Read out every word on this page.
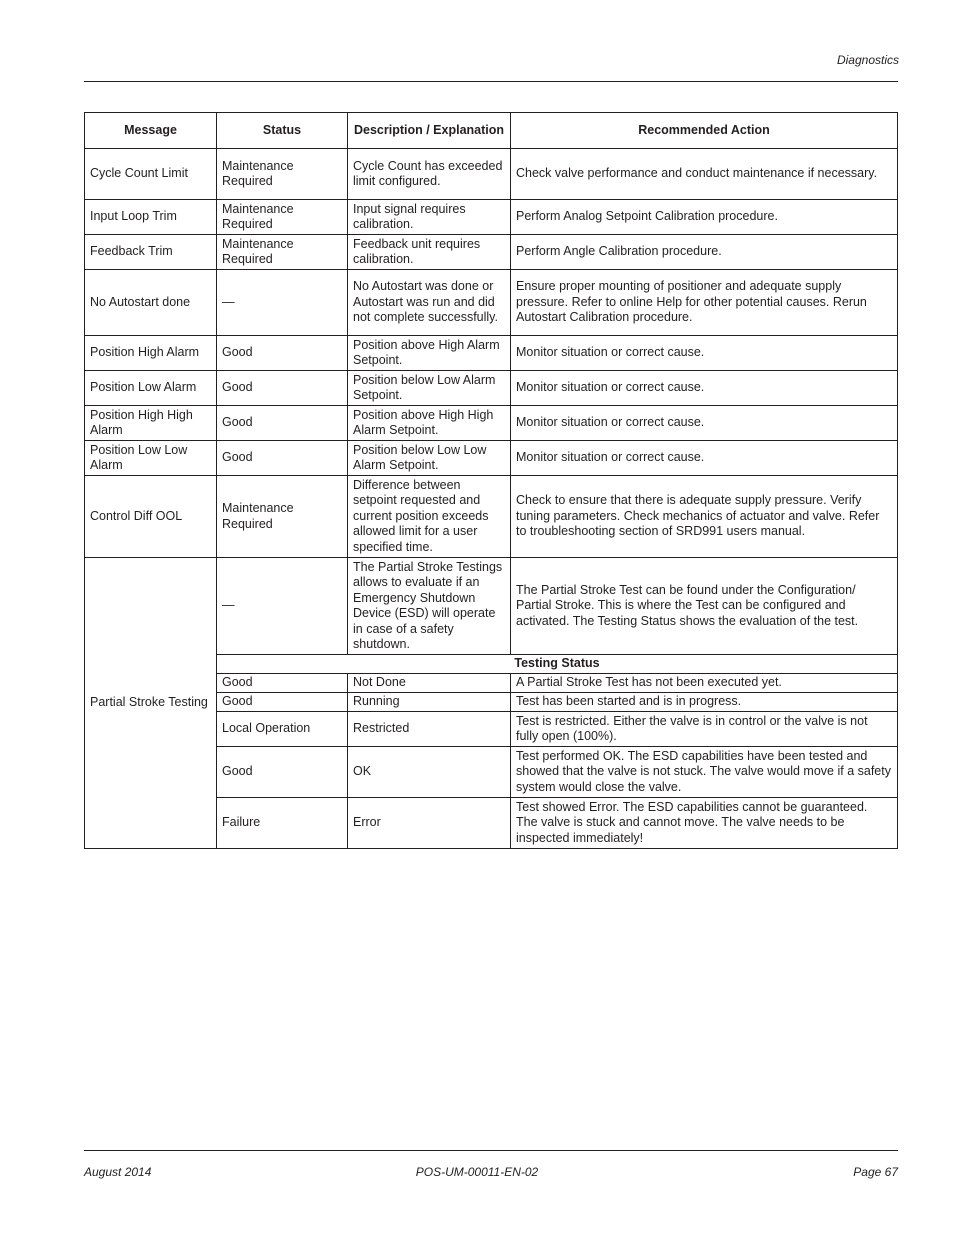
Diagnostics
Message	Status	Description / Explanation	Recommended Action
Cycle Count Limit	Maintenance Required	Cycle Count has exceeded limit configured.	Check valve performance and conduct maintenance if necessary.
Input Loop Trim	Maintenance Required	Input signal requires calibration.	Perform Analog Setpoint Calibration procedure.
Feedback Trim	Maintenance Required	Feedback unit requires calibration.	Perform Angle Calibration procedure.
No Autostart done	—	No Autostart was done or Autostart was run and did not complete successfully.	Ensure proper mounting of positioner and adequate supply pressure. Refer to online Help for other potential causes. Rerun Autostart Calibration procedure.
Position High Alarm	Good	Position above High Alarm Setpoint.	Monitor situation or correct cause.
Position Low Alarm	Good	Position below Low Alarm Setpoint.	Monitor situation or correct cause.
Position High High Alarm	Good	Position above High High Alarm Setpoint.	Monitor situation or correct cause.
Position Low Low Alarm	Good	Position below Low Low Alarm Setpoint.	Monitor situation or correct cause.
Control Diff OOL	Maintenance Required	Difference between setpoint requested and current position exceeds allowed limit for a user specified time.	Check to ensure that there is adequate supply pressure. Verify tuning parameters. Check mechanics of actuator and valve. Refer to troubleshooting section of SRD991 users manual.
Partial Stroke Testing	—	The Partial Stroke Testings allows to evaluate if an Emergency Shutdown Device (ESD) will operate in case of a safety shutdown.	The Partial Stroke Test can be found under the Configuration/ Partial Stroke. This is where the Test can be configured and activated. The Testing Status shows the evaluation of the test.
	Testing Status		
	Good	Not Done	A Partial Stroke Test has not been executed yet.
	Good	Running	Test has been started and is in progress.
	Local Operation	Restricted	Test is restricted. Either the valve is in control or the valve is not fully open (100%).
	Good	OK	Test performed OK. The ESD capabilities have been tested and showed that the valve is not stuck. The valve would move if a safety system would close the valve.
	Failure	Error	Test showed Error. The ESD capabilities cannot be guaranteed. The valve is stuck and cannot move. The valve needs to be inspected immediately!
August 2014	POS-UM-00011-EN-02	Page 67
